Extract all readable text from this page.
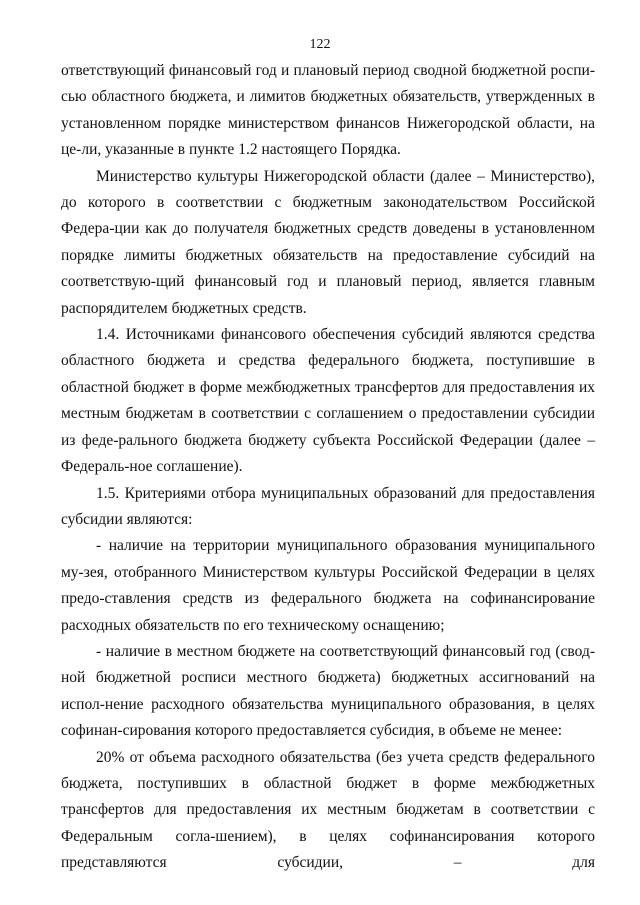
122

ответствующий финансовый год и плановый период сводной бюджетной роспи-сью областного бюджета, и лимитов бюджетных обязательств, утвержденных в установленном порядке министерством финансов Нижегородской области, на це-ли, указанные в пункте 1.2 настоящего Порядка.

Министерство культуры Нижегородской области (далее – Министерство), до которого в соответствии с бюджетным законодательством Российской Федера-ции как до получателя бюджетных средств доведены в установленном порядке лимиты бюджетных обязательств на предоставление субсидий на соответствую-щий финансовый год и плановый период, является главным распорядителем бюджетных средств.

1.4. Источниками финансового обеспечения субсидий являются средства областного бюджета и средства федерального бюджета, поступившие в областной бюджет в форме межбюджетных трансфертов для предоставления их местным бюджетам в соответствии с соглашением о предоставлении субсидии из феде-рального бюджета бюджету субъекта Российской Федерации (далее – Федераль-ное соглашение).

1.5. Критериями отбора муниципальных образований для предоставления субсидии являются:

- наличие на территории муниципального образования муниципального му-зея, отобранного Министерством культуры Российской Федерации в целях предо-ставления средств из федерального бюджета на софинансирование расходных обязательств по его техническому оснащению;

- наличие в местном бюджете на соответствующий финансовый год (свод-ной бюджетной росписи местного бюджета) бюджетных ассигнований на испол-нение расходного обязательства муниципального образования, в целях софинан-сирования которого предоставляется субсидия, в объеме не менее:

20% от объема расходного обязательства (без учета средств федерального бюджета, поступивших в областной бюджет в форме межбюджетных трансфертов для предоставления их местным бюджетам в соответствии с Федеральным согла-шением), в целях софинансирования которого представляются субсидии, – для
